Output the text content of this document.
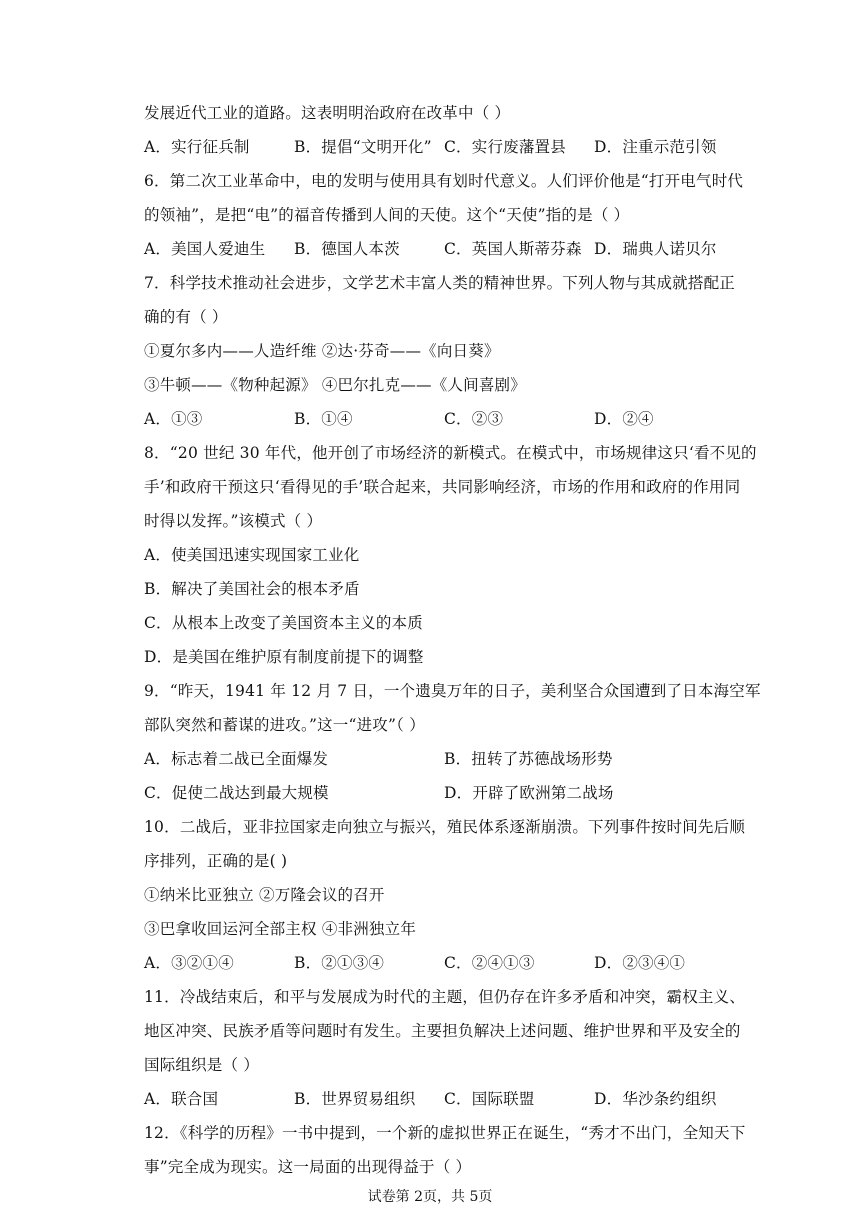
发展近代工业的道路。这表明明治政府在改革中（ ）
A．实行征兵制	B．提倡“文明开化” C．实行废藩置县 D．注重示范引领
6．第二次工业革命中，电的发明与使用具有划时代意义。人们评价他是“打开电气时代
的领袖”，是把“电”的福音传播到人间的天使。这个“天使”指的是（ ）
A．美国人爱迪生 B．德国人本茨	C．英国人斯蒂芬森 D．瑞典人诺贝尔
7．科学技术推动社会进步，文学艺术丰富人类的精神世界。下列人物与其成就搭配正
确的有（ ）
①夏尔多内——人造纤维 ②达·芬奇——《向日葵》
③牛顿——《物种起源》 ④巴尔扎克——《人间喜剧》
A．①③	B．①④	C．②③	D．②④
8．“20 世纪 30 年代，他开创了市场经济的新模式。在模式中，市场规律这只‘看不见的
手’和政府干预这只‘看得见的手’联合起来，共同影响经济，市场的作用和政府的作用同
时得以发挥。”该模式（ ）
A．使美国迅速实现国家工业化
B．解决了美国社会的根本矛盾
C．从根本上改变了美国资本主义的本质
D．是美国在维护原有制度前提下的调整
9．“昨天，1941 年 12 月 7 日，一个遗臭万年的日子，美利坚合众国遭到了日本海空军
部队突然和蓄谋的进攻。”这一“进攻”（ ）
A．标志着二战已全面爆发	B．扭转了苏德战场形势
C．促使二战达到最大规模	D．开辟了欧洲第二战场
10．二战后，亚非拉国家走向独立与振兴，殖民体系逐渐崩溃。下列事件按时间先后顺
序排列，正确的是( )
①纳米比亚独立 ②万隆会议的召开
③巴拿收回运河全部主权 ④非洲独立年
A．③②①④	B．②①③④	C．②④①③	D．②③④①
11．冷战结束后，和平与发展成为时代的主题，但仍存在许多矛盾和冲突，霸权主义、
地区冲突、民族矛盾等问题时有发生。主要担负解决上述问题、维护世界和平及安全的
国际组织是（ ）
A．联合国	B．世界贸易组织 C．国际联盟	D．华沙条约组织
12．《科学的历程》一书中提到，一个新的虚拟世界正在诞生，“秀才不出门，全知天下
事”完全成为现实。这一局面的出现得益于（ ）
试卷第 2页，共 5页
